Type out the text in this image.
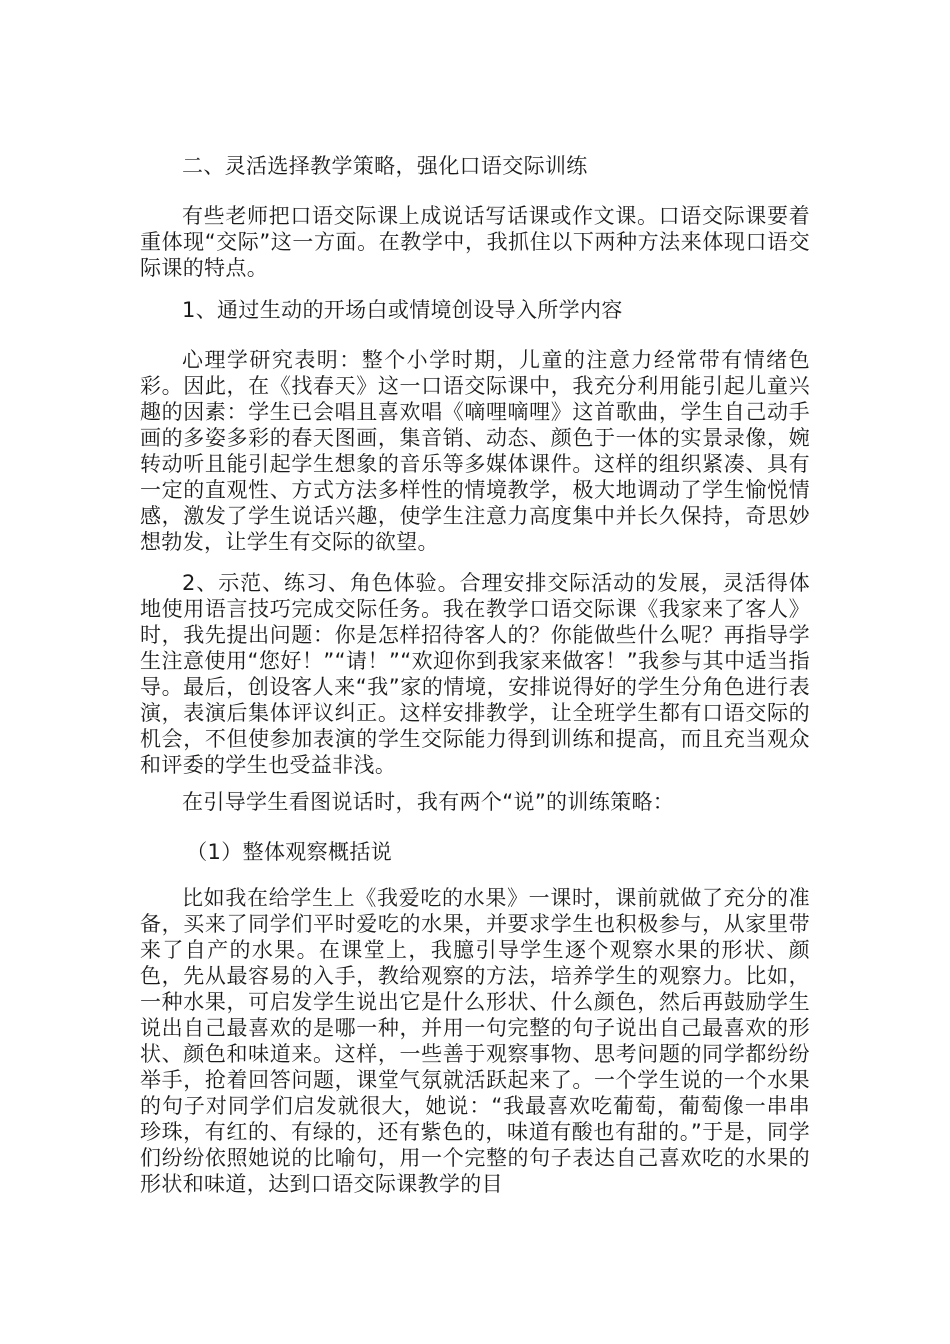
二、灵活选择教学策略，强化口语交际训练

有些老师把口语交际课上成说话写话课或作文课。口语交际课要着重体现“交际”这一方面。在教学中，我抓住以下两种方法来体现口语交际课的特点。

1、通过生动的开场白或情境创设导入所学内容

心理学研究表明：整个小学时期，儿童的注意力经常带有情绪色彩。因此，在《找春天》这一口语交际课中，我充分利用能引起儿童兴趣的因素：学生已会唱且喜欢唱《嘀哩嘀哩》这首歌曲，学生自己动手画的多姿多彩的春天图画，集音销、动态、颜色于一体的实景录像，婉转动听且能引起学生想象的音乐等多媒体课件。这样的组织紧凑、具有一定的直观性、方式方法多样性的情境教学，极大地调动了学生愉悦情感，激发了学生说话兴趣，使学生注意力高度集中并长久保持，奇思妙想勃发，让学生有交际的欲望。

2、示范、练习、角色体验。合理安排交际活动的发展，灵活得体地使用语言技巧完成交际任务。我在教学口语交际课《我家来了客人》时，我先提出问题：你是怎样招待客人的？你能做些什么呢？再指导学生注意使用“您好！”“请！”“欢迎你到我家来做客！”我参与其中适当指导。最后，创设客人来“我”家的情境，安排说得好的学生分角色进行表演，表演后集体评议纠正。这样安排教学，让全班学生都有口语交际的机会，不但使参加表演的学生交际能力得到训练和提高，而且充当观众和评委的学生也受益非浅。

在引导学生看图说话时，我有两个“说”的训练策略：

（1）整体观察概括说

比如我在给学生上《我爱吃的水果》一课时，课前就做了充分的准备，买来了同学们平时爱吃的水果，并要求学生也积极参与，从家里带来了自产的水果。在课堂上，我臆引导学生逐个观察水果的形状、颜色，先从最容易的入手，教给观察的方法，培养学生的观察力。比如，一种水果，可启发学生说出它是什么形状、什么颜色，然后再鼓励学生说出自己最喜欢的是哪一种，并用一句完整的句子说出自己最喜欢的形状、颜色和味道来。这样，一些善于观察事物、思考问题的同学都纷纷举手，抢着回答问题，课堂气氛就活跃起来了。一个学生说的一个水果的句子对同学们启发就很大，她说：“我最喜欢吃葡萄，葡萄像一串串珍珠，有红的、有绿的，还有紫色的，味道有酸也有甜的。”于是，同学们纷纷依照她说的比喻句，用一个完整的句子表达自己喜欢吃的水果的形状和味道，达到口语交际课教学的目
